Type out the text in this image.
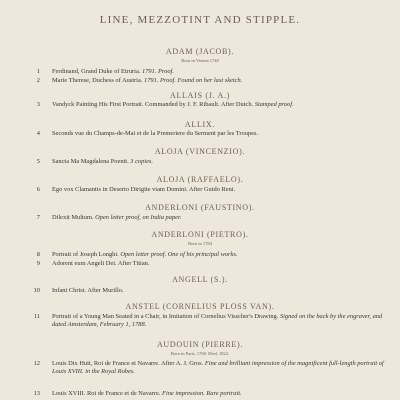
LINE, MEZZOTINT AND STIPPLE.
ADAM (JACOB).
Born in Vienna 1748
1 Ferdinand, Grand Duke of Etruria. 1791. Proof.
2 Marie Therese, Duchess of Austria. 1791. Proof. Found on her last sketch.
ALLAIS (J. A.)
3 Vandyck Painting His First Portrait. Commanded by J. F. Ribault. After Dutch. Stamped proof.
ALLIX.
4 Seconds vue du Champs-de-Mai et de la Premeriere du Serment par les Troupes.
ALOJA (VINCENZIO).
5 Sancta Ma Magdalena Poenit. 3 copies.
ALOJA (RAFFAELO).
6 Ego vox Clamantis in Deserto Dirigite viam Domini. After Guido Reni.
ANDERLONI (FAUSTINO).
7 Dilexit Multum. Open letter proof, on India paper.
ANDERLONI (PIETRO).
Born in 1784
8 Portrait of Joseph Longhi. Open letter proof. One of his principal works.
9 Adorent eum Angeli Dei. After Titian.
ANGELL (S.).
10 Infant Christ. After Murillo.
ANSTEL (CORNELIUS PLOSS VAN).
11 Portrait of a Young Man Seated in a Chair, in Imitation of Cornelius Visscher's Drawing. Signed on the back by the engraver, and dated Amsterdam, February 1, 1788.
AUDOUIN (PIERRE).
Born in Paris, 1768. Died, 1822.
12 Louis Dix Huit, Roi de France et Navarre. After A. J. Gros. Fine and brilliant impression of the magnificent full-length portrait of Louis XVIII. in the Royal Robes.
13 Louis XVIII. Roi de France et de Navarre. Fine impression. Rare portrait.
